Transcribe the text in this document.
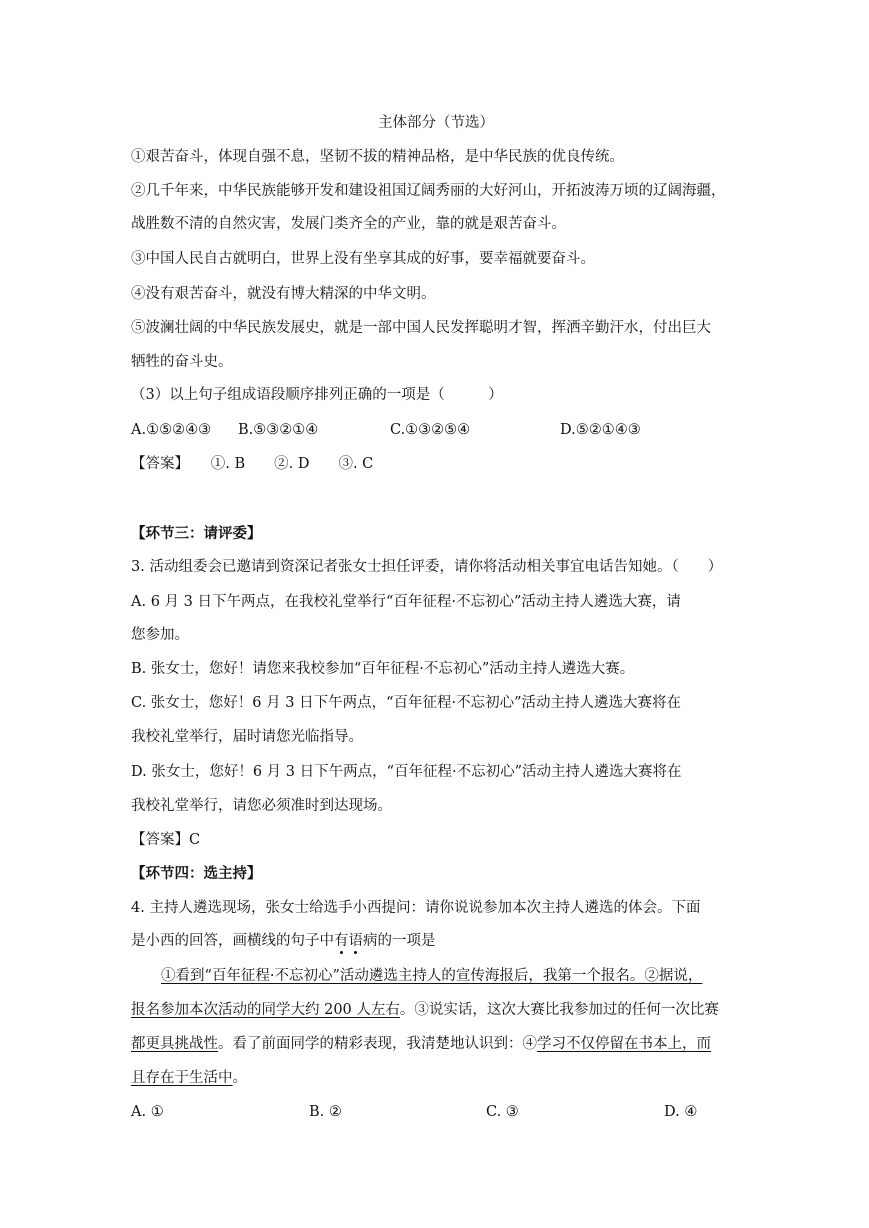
主体部分（节选）
①艰苦奋斗，体现自强不息，坚韧不拔的精神品格，是中华民族的优良传统。
②几千年来，中华民族能够开发和建设祖国辽阔秀丽的大好河山，开拓波涛万顷的辽阔海疆，
战胜数不清的自然灾害，发展门类齐全的产业，靠的就是艰苦奋斗。
③中国人民自古就明白，世界上没有坐享其成的好事，要幸福就要奋斗。
④没有艰苦奋斗，就没有博大精深的中华文明。
⑤波澜壮阔的中华民族发展史，就是一部中国人民发挥聪明才智，挥洒辛勤汗水，付出巨大
牺牲的奋斗史。
（3）以上句子组成语段顺序排列正确的一项是（　　　）
A.①⑤②④③	B.⑤③②①④	C.①③②⑤④	D.⑤②①④③
【答案】　　①. B　　②. D　　③. C
【环节三：请评委】
3. 活动组委会已邀请到资深记者张女士担任评委，请你将活动相关事宜电话告知她。（　　）
A. 6 月 3 日下午两点，在我校礼堂举行“百年征程·不忘初心”活动主持人遴选大赛，请
您参加。
B. 张女士，您好！请您来我校参加“百年征程·不忘初心”活动主持人遴选大赛。
C. 张女士，您好！6 月 3 日下午两点，“百年征程·不忘初心”活动主持人遴选大赛将在
我校礼堂举行，届时请您光临指导。
D. 张女士，您好！6 月 3 日下午两点，“百年征程·不忘初心”活动主持人遴选大赛将在
我校礼堂举行，请您必须准时到达现场。
【答案】C
【环节四：选主持】
4. 主持人遴选现场，张女士给选手小西提问：请你说说参加本次主持人遴选的体会。下面
是小西的回答，画横线的句子中有语病的一项是
①看到“百年征程·不忘初心”活动遴选主持人的宣传海报后，我第一个报名。②据说，
报名参加本次活动的同学大约 200 人左右。③说实话，这次大赛比我参加过的任何一次比赛
都更具挑战性。看了前面同学的精彩表现，我清楚地认识到：④学习不仅停留在书本上，而
且存在于生活中。
A. ①	B. ②	C. ③	D. ④
